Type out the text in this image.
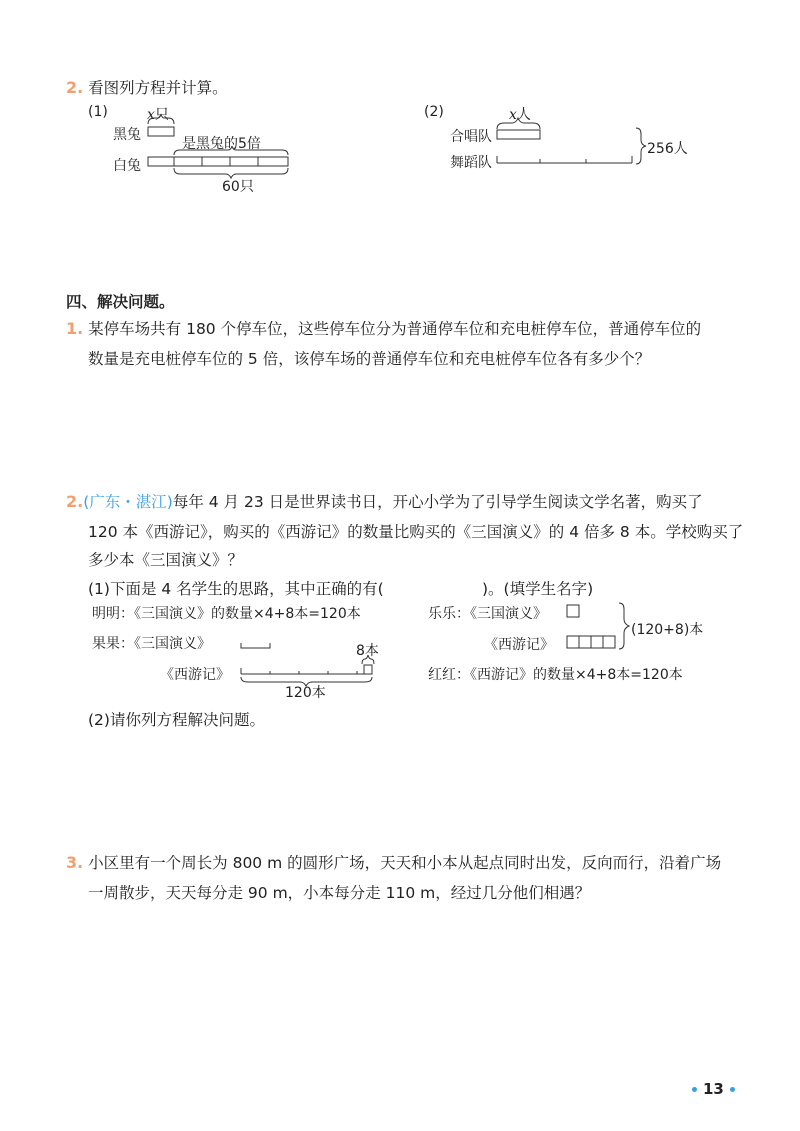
2. 看图列方程并计算。
(1)	x只
黑兔
是黑兔的5倍
白兔
60只
(2)	x人
合唱队
舞蹈队
256人
四、解决问题。
1. 某停车场共有 180 个停车位，这些停车位分为普通停车位和充电桩停车位，普通停车位的
数量是充电桩停车位的 5 倍，该停车场的普通停车位和充电桩停车位各有多少个？
2.(广东・湛江)每年 4 月 23 日是世界读书日，开心小学为了引导学生阅读文学名著，购买了
120 本《西游记》，购买的《西游记》的数量比购买的《三国演义》的 4 倍多 8 本。学校购买了
多少本《三国演义》？
(1)下面是 4 名学生的思路，其中正确的有(	)。(填学生名字)
明明：《三国演义》的数量×4+8本=120本	乐乐：《三国演义》
《西游记》
(120+8)本
果果：《三国演义》
《西游记》
8本
120本
红红：《西游记》的数量×4+8本=120本
(2)请你列方程解决问题。
3. 小区里有一个周长为 800 m 的圆形广场，天天和小本从起点同时出发，反向而行，沿着广场
一周散步，天天每分走 90 m，小本每分走 110 m，经过几分他们相遇？
13
